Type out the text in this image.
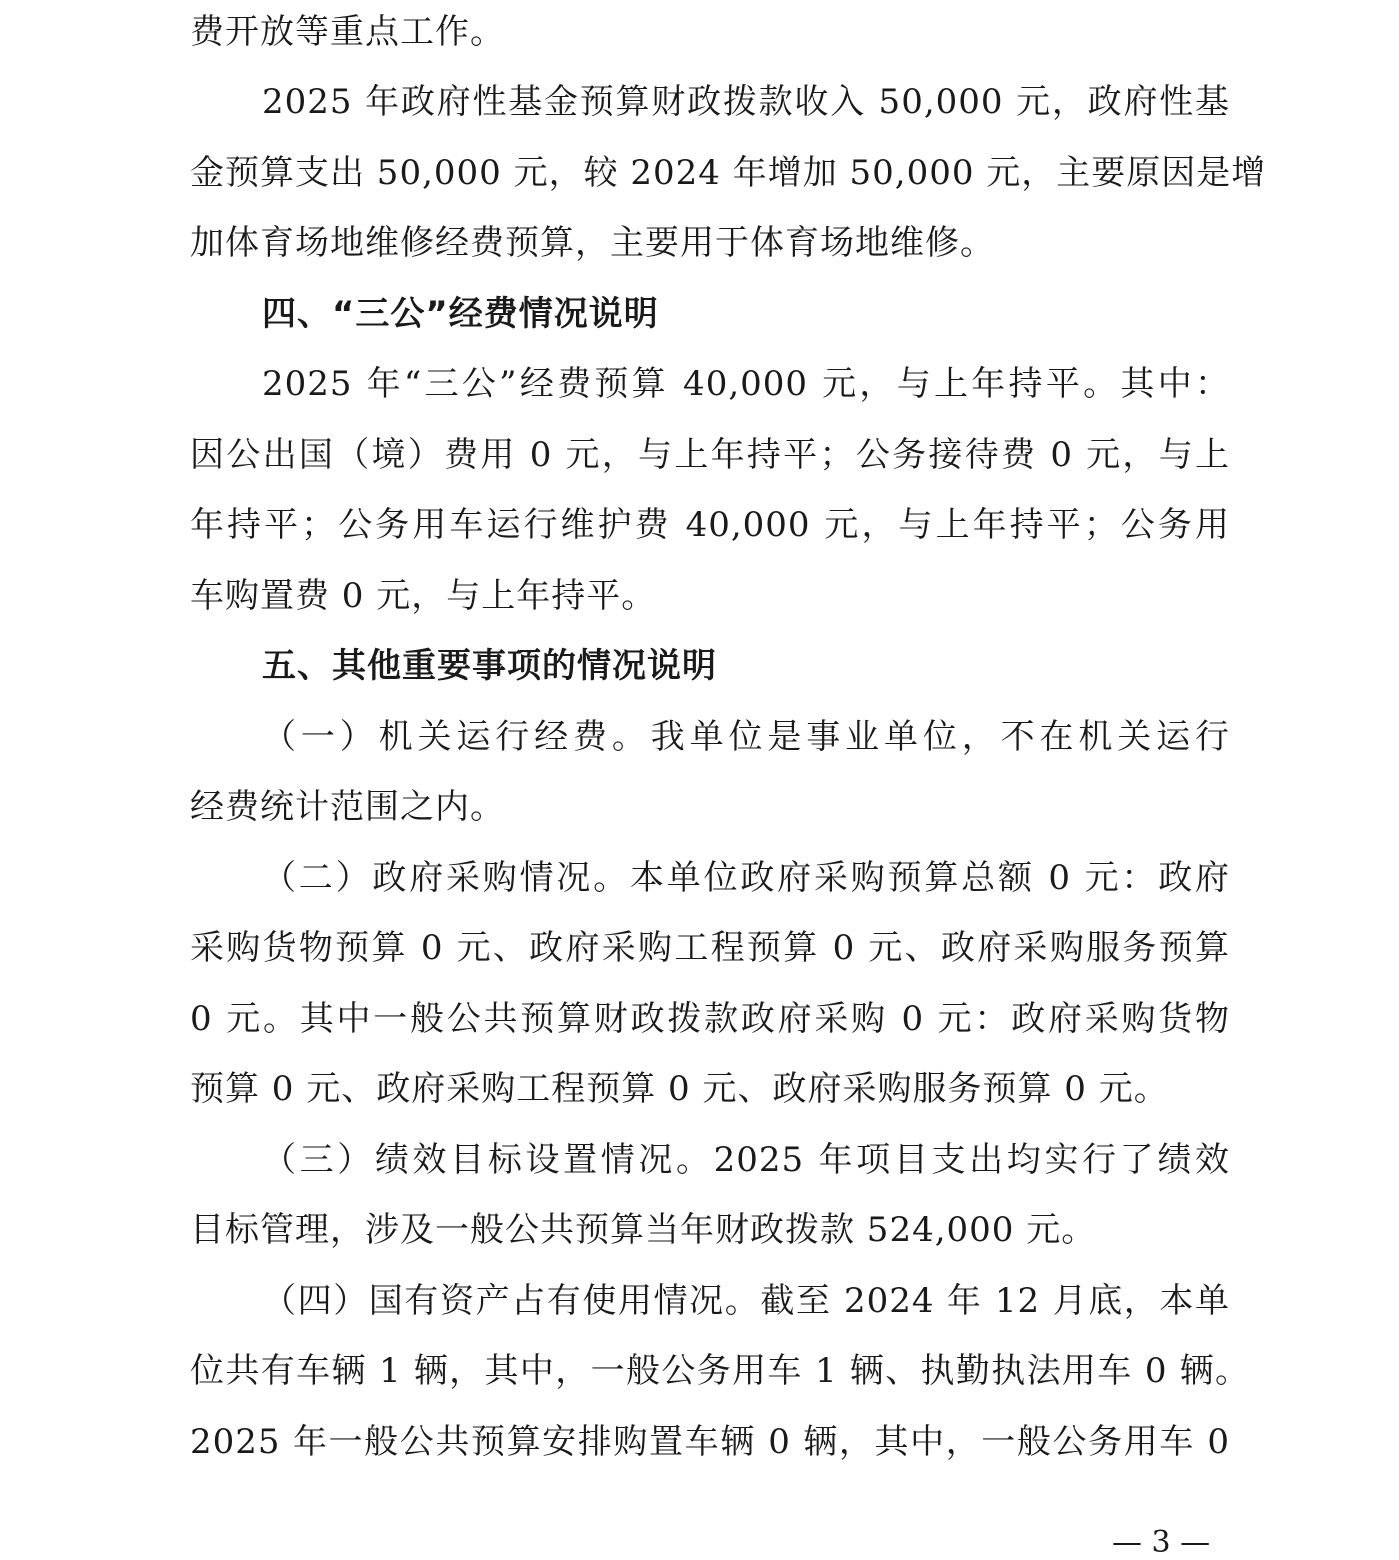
费开放等重点工作。
2025 年政府性基金预算财政拨款收入 50,000 元，政府性基
金预算支出 50,000 元，较 2024 年增加 50,000 元，主要原因是增
加体育场地维修经费预算，主要用于体育场地维修。
四、“三公”经费情况说明
2025 年“三公”经费预算 40,000 元，与上年持平。其中：
因公出国（境）费用 0 元，与上年持平；公务接待费 0 元，与上
年持平；公务用车运行维护费 40,000 元，与上年持平；公务用
车购置费 0 元，与上年持平。
五、其他重要事项的情况说明
（一）机关运行经费。我单位是事业单位，不在机关运行
经费统计范围之内。
（二）政府采购情况。本单位政府采购预算总额 0 元：政府
采购货物预算 0 元、政府采购工程预算 0 元、政府采购服务预算
0 元。其中一般公共预算财政拨款政府采购 0 元：政府采购货物
预算 0 元、政府采购工程预算 0 元、政府采购服务预算 0 元。
（三）绩效目标设置情况。2025 年项目支出均实行了绩效
目标管理，涉及一般公共预算当年财政拨款 524,000 元。
（四）国有资产占有使用情况。截至 2024 年 12 月底，本单
位共有车辆 1 辆，其中，一般公务用车 1 辆、执勤执法用车 0 辆。
2025 年一般公共预算安排购置车辆 0 辆，其中，一般公务用车 0
— 3 —
